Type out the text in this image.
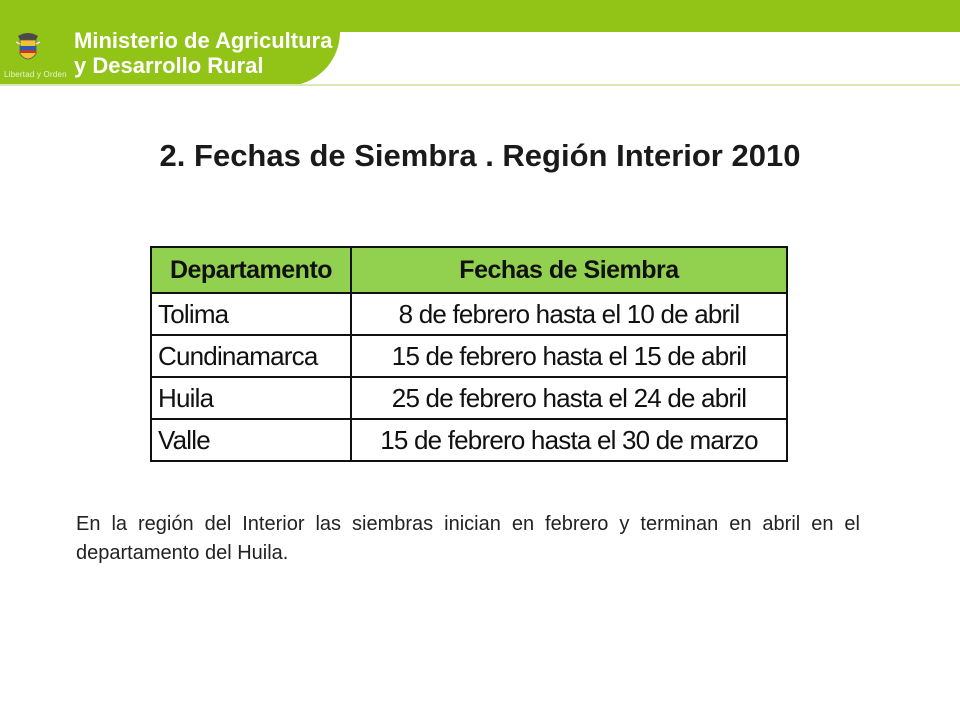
Libertad y Orden
Ministerio de Agricultura
y Desarrollo Rural
2. Fechas de Siembra . Región Interior 2010
Departamento	Fechas de Siembra
Tolima	8 de febrero hasta el 10 de abril
Cundinamarca	15 de febrero hasta el 15 de abril
Huila	25 de febrero hasta el 24 de abril
Valle	15 de febrero hasta el 30 de marzo
En la región del Interior las siembras inician en febrero y terminan en abril en el departamento del Huila.
